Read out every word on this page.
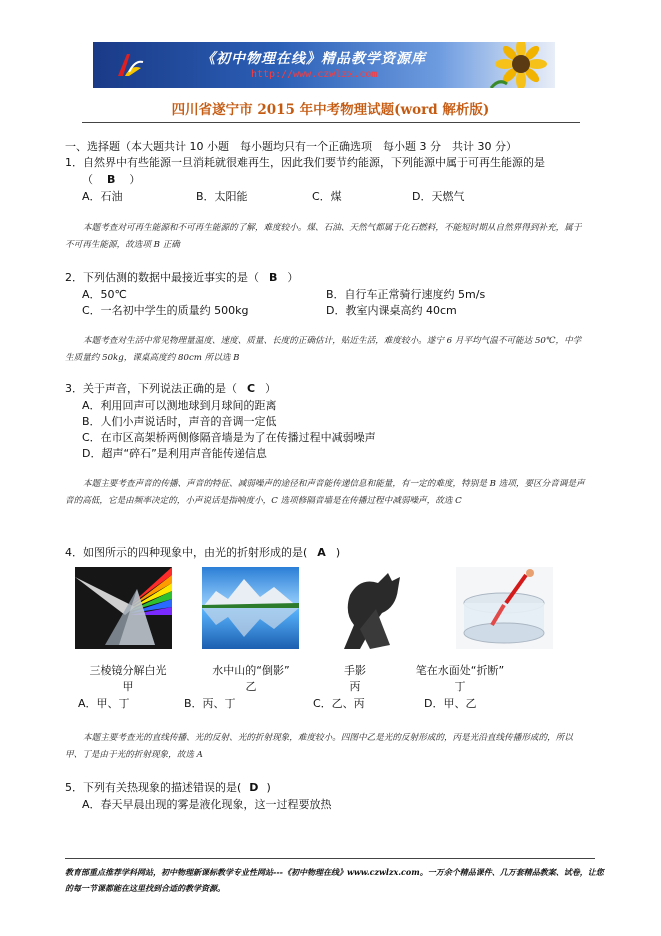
《初中物理在线》精品教学资源库
http://www.czwlzx.com
四川省遂宁市 2015 年中考物理试题(word 解析版)
一、选择题（本大题共计 10 小题　每小题均只有一个正确选项　每小题 3 分　共计 30 分）
1．自然界中有些能源一旦消耗就很难再生，因此我们要节约能源，下列能源中属于可再生能源的是
（ B ）
A．石油	B．太阳能	C．煤	D．天燃气
本题考查对可再生能源和不可再生能源的了解，难度较小。煤、石油、天然气都属于化石燃料，不能短时期从自然界得到补充，属于不可再生能源，故选项 B 正确
2．下列估测的数据中最接近事实的是（ B ）
A．50℃	B．自行车正常骑行速度约 5m/s
C．一名初中学生的质量约 500kg	D．教室内课桌高约 40cm
本题考查对生活中常见物理量温度、速度、质量、长度的正确估计，贴近生活，难度较小。遂宁 6 月平均气温不可能达 50℃，中学生质量约 50kg，课桌高度约 80cm 所以选 B
3．关于声音，下列说法正确的是（ C ）
A．利用回声可以测地球到月球间的距离
B．人们小声说话时，声音的音调一定低
C．在市区高架桥两侧修隔音墙是为了在传播过程中减弱噪声
D．超声“碎石”是利用声音能传递信息
本题主要考查声音的传播、声音的特征、减弱噪声的途径和声音能传递信息和能量，有一定的难度，特别是 B 选项，要区分音调是声音的高低，它是由频率决定的，小声说话是指响度小，C 选项修隔音墙是在传播过程中减弱噪声，故选 C
4．如图所示的四种现象中，由光的折射形成的是( A )
三棱镜分解白光
甲
水中山的“倒影”
乙
手影
丙
笔在水面处“折断”
丁
A．甲、丁	B．丙、丁	C．乙、丙	D．甲、乙
本题主要考查光的直线传播、光的反射、光的折射现象，难度较小。四图中乙是光的反射形成的，丙是光沿直线传播形成的，所以甲、丁是由于光的折射现象，故选 A
5．下列有关热现象的描述错误的是( D )
A．春天早晨出现的雾是液化现象，这一过程要放热
教育部重点推荐学科网站，初中物理新课标教学专业性网站---《初中物理在线》www.czwlzx.com。一万余个精品课件、几万套精品教案、试卷，让您的每一节课都能在这里找到合适的教学资源。
